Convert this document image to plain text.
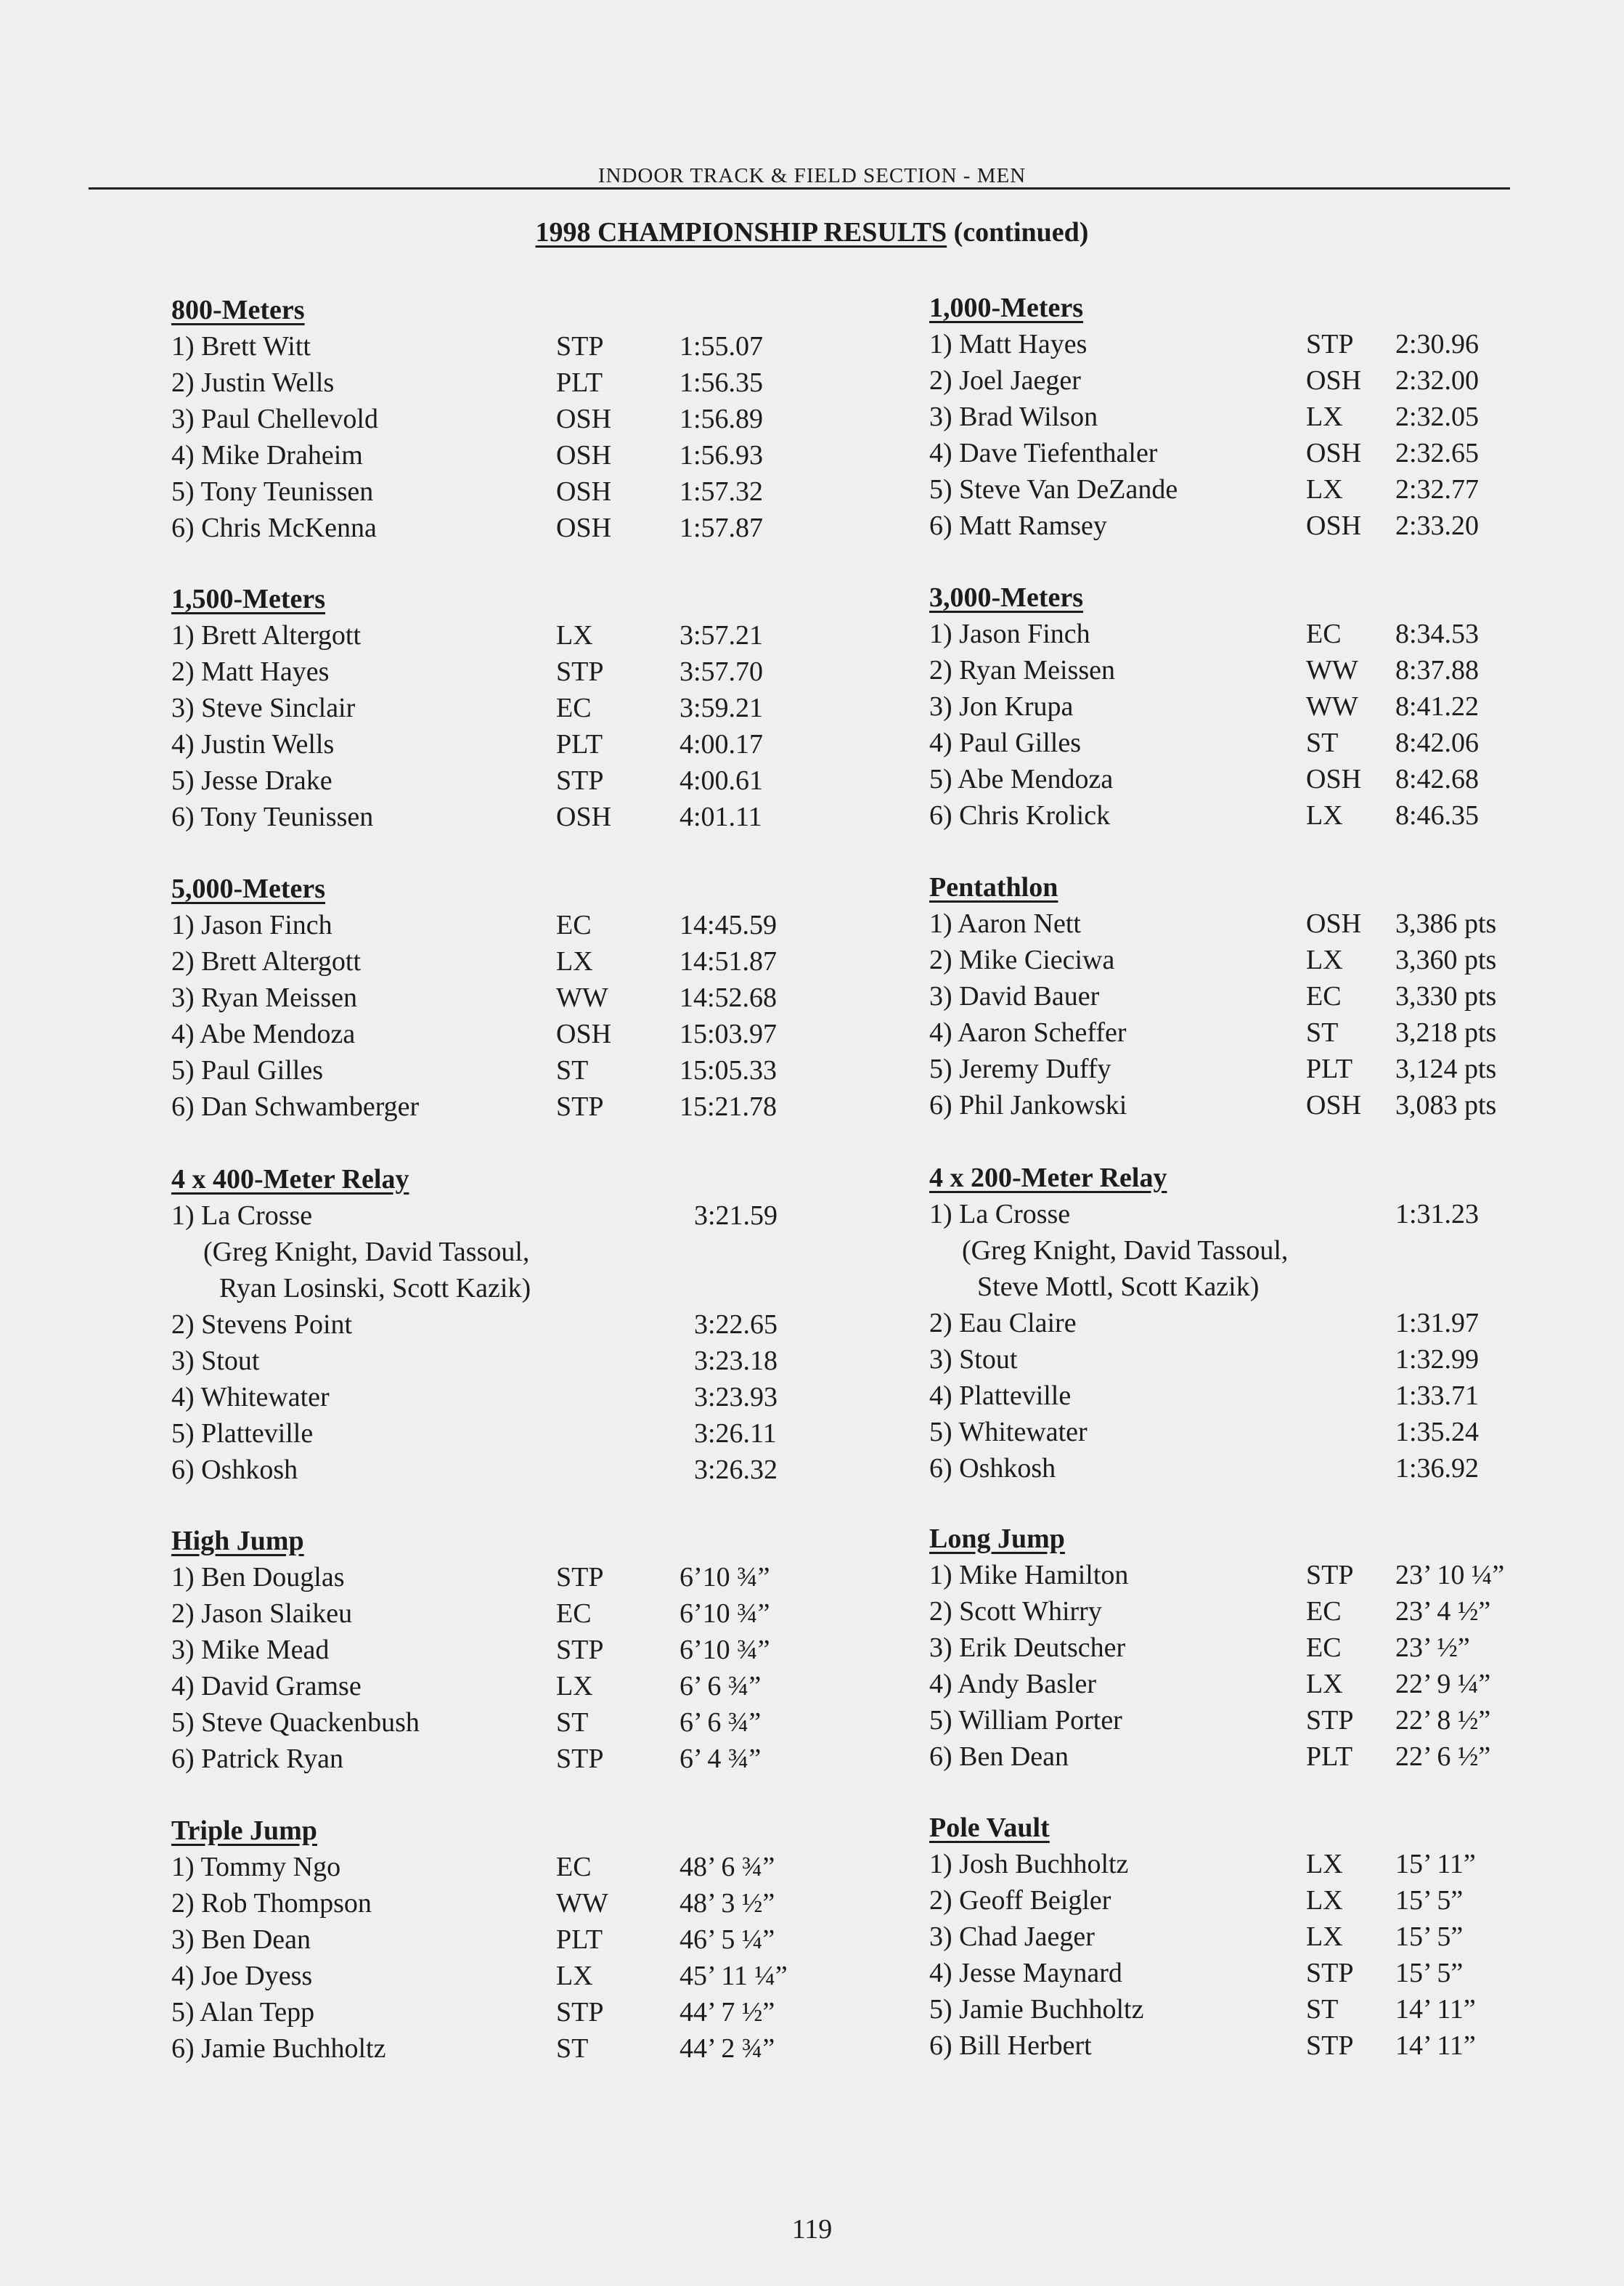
INDOOR TRACK & FIELD SECTION - MEN
1998 CHAMPIONSHIP RESULTS (continued)
800-Meters
1) Brett Witt	STP	1:55.07
2) Justin Wells	PLT	1:56.35
3) Paul Chellevold	OSH 1:56.89
4) Mike Draheim	OSH 1:56.93
5) Tony Teunissen	OSH 1:57.32
6) Chris McKenna	OSH 1:57.87
1,500-Meters
1) Brett Altergott	LX	3:57.21
2) Matt Hayes	STP	3:57.70
3) Steve Sinclair	EC	3:59.21
4) Justin Wells	PLT	4:00.17
5) Jesse Drake	STP	4:00.61
6) Tony Teunissen	OSH 4:01.11
5,000-Meters
1) Jason Finch	EC	14:45.59
2) Brett Altergott	LX	14:51.87
3) Ryan Meissen	WW	14:52.68
4) Abe Mendoza	OSH 15:03.97
5) Paul Gilles	ST	15:05.33
6) Dan Schwamberger	STP	15:21.78
4 x 400-Meter Relay
1) La Crosse	3:21.59
(Greg Knight, David Tassoul,
Ryan Losinski, Scott Kazik)
2) Stevens Point	3:22.65
3) Stout	3:23.18
4) Whitewater	3:23.93
5) Platteville	3:26.11
6) Oshkosh	3:26.32
High Jump
1) Ben Douglas	STP	6’10 ¾”
2) Jason Slaikeu	EC	6’10 ¾”
3) Mike Mead	STP	6’10 ¾”
4) David Gramse	LX	6’ 6 ¾”
5) Steve Quackenbush	ST	6’ 6 ¾”
6) Patrick Ryan	STP	6’ 4 ¾”
Triple Jump
1) Tommy Ngo	EC	48’ 6 ¾”
2) Rob Thompson	WW	48’ 3 ½”
3) Ben Dean	PLT	46’ 5 ¼”
4) Joe Dyess	LX	45’ 11 ¼”
5) Alan Tepp	STP	44’ 7 ½”
6) Jamie Buchholtz	ST	44’ 2 ¾”
1,000-Meters
1) Matt Hayes	STP 2:30.96
2) Joel Jaeger	OSH 2:32.00
3) Brad Wilson	LX 2:32.05
4) Dave Tiefenthaler	OSH 2:32.65
5) Steve Van DeZande	LX 2:32.77
6) Matt Ramsey	OSH 2:33.20
3,000-Meters
1) Jason Finch	EC 8:34.53
2) Ryan Meissen	WW 8:37.88
3) Jon Krupa	WW 8:41.22
4) Paul Gilles	ST 8:42.06
5) Abe Mendoza	OSH 8:42.68
6) Chris Krolick	LX 8:46.35
Pentathlon
1) Aaron Nett	OSH 3,386 pts
2) Mike Cieciwa	LX 3,360 pts
3) David Bauer	EC 3,330 pts
4) Aaron Scheffer	ST 3,218 pts
5) Jeremy Duffy	PLT 3,124 pts
6) Phil Jankowski	OSH 3,083 pts
4 x 200-Meter Relay
1) La Crosse	1:31.23
(Greg Knight, David Tassoul,
Steve Mottl, Scott Kazik)
2) Eau Claire	1:31.97
3) Stout	1:32.99
4) Platteville	1:33.71
5) Whitewater	1:35.24
6) Oshkosh	1:36.92
Long Jump
1) Mike Hamilton	STP 23’ 10 ¼”
2) Scott Whirry	EC 23’ 4 ½”
3) Erik Deutscher	EC 23’ ½”
4) Andy Basler	LX 22’ 9 ¼”
5) William Porter	STP 22’ 8 ½”
6) Ben Dean	PLT 22’ 6 ½”
Pole Vault
1) Josh Buchholtz	LX 15’ 11”
2) Geoff Beigler	LX 15’ 5”
3) Chad Jaeger	LX 15’ 5”
4) Jesse Maynard	STP 15’ 5”
5) Jamie Buchholtz	ST 14’ 11”
6) Bill Herbert	STP 14’ 11”
119
